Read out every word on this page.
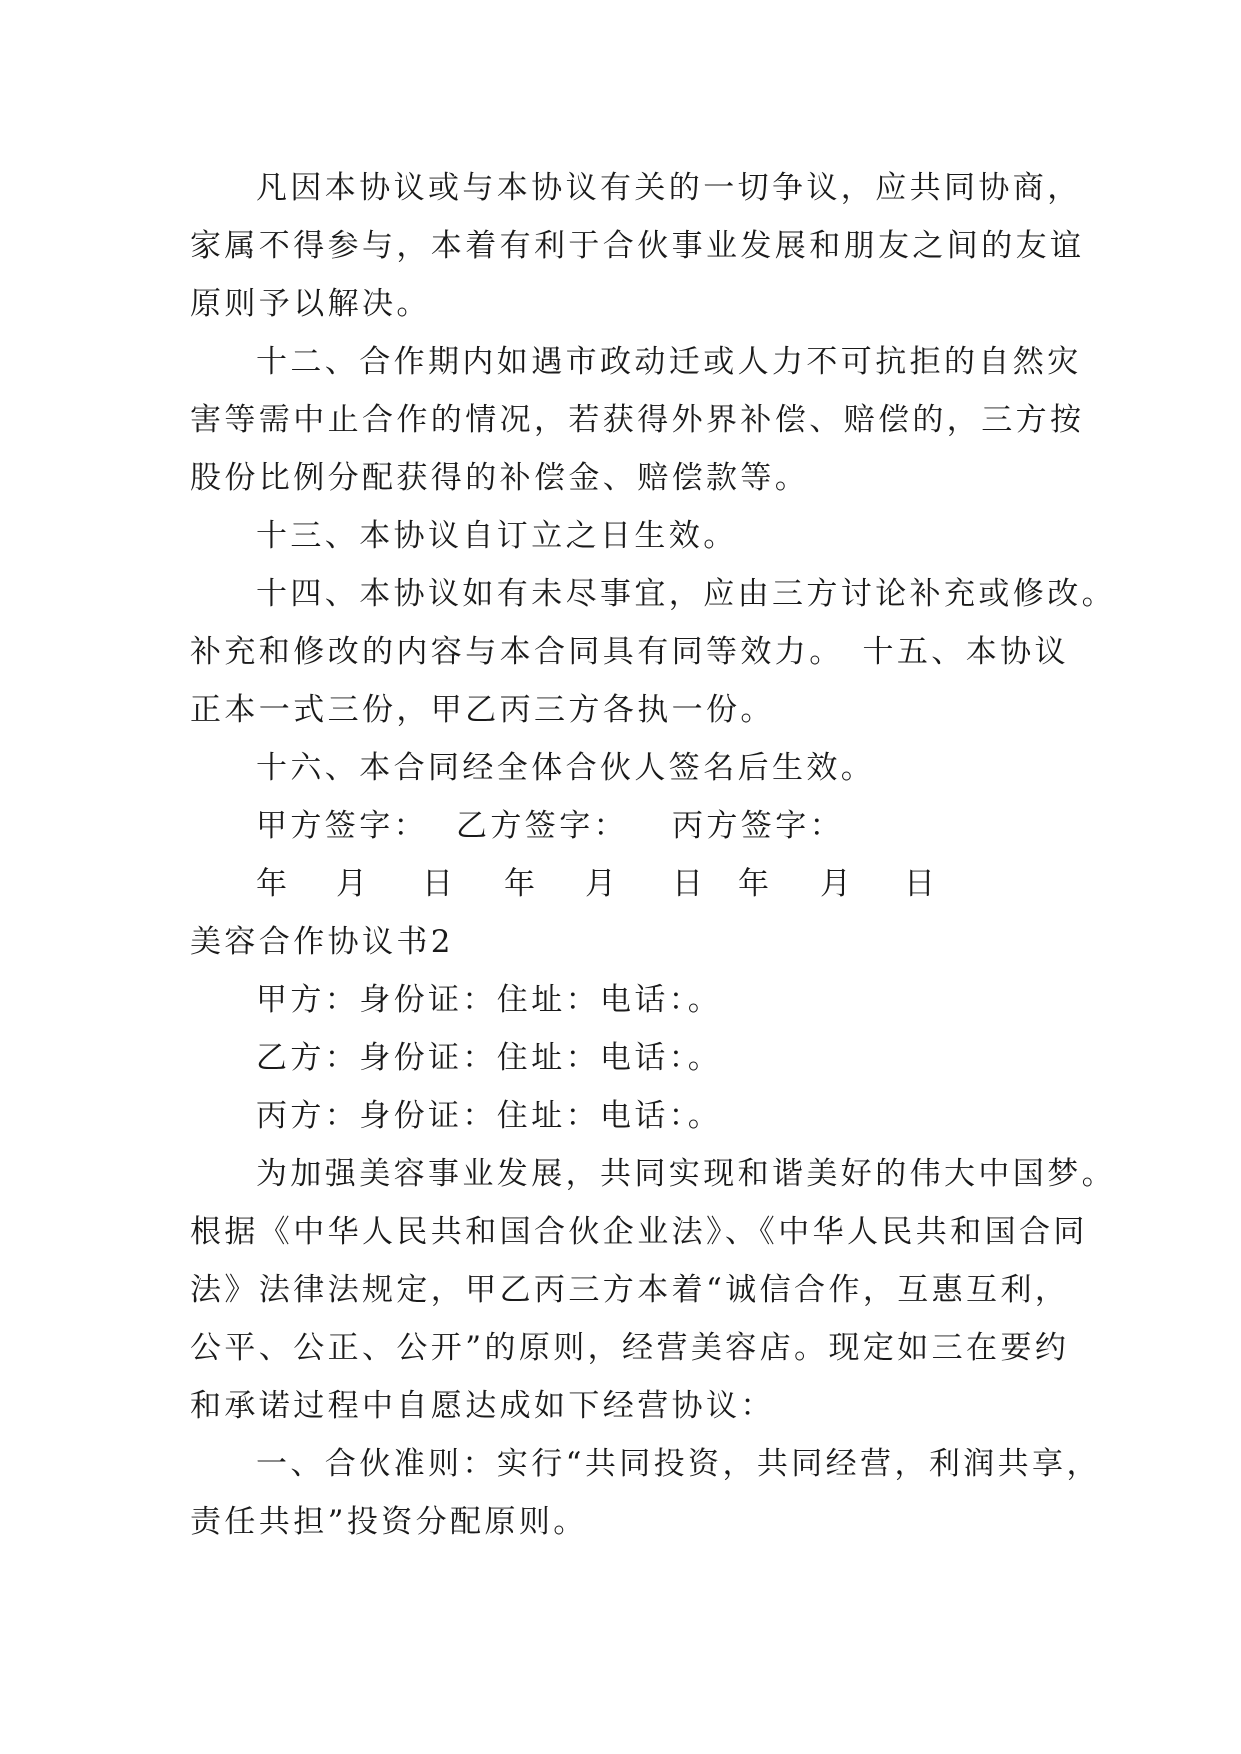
凡因本协议或与本协议有关的一切争议，应共同协商，
家属不得参与，本着有利于合伙事业发展和朋友之间的友谊
原则予以解决。
十二、合作期内如遇市政动迁或人力不可抗拒的自然灾
害等需中止合作的情况，若获得外界补偿、赔偿的，三方按
股份比例分配获得的补偿金、赔偿款等。
十三、本协议自订立之日生效。
十四、本协议如有未尽事宜，应由三方讨论补充或修改。
补充和修改的内容与本合同具有同等效力。　十五、本协议
正本一式三份，甲乙丙三方各执一份。
十六、本合同经全体合伙人签名后生效。
甲方签字： 乙方签字： 丙方签字：
年 月 日 年 月 日 年 月 日
美容合作协议书2
甲方：身份证：住址：电话：。
乙方：身份证：住址：电话：。
丙方：身份证：住址：电话：。
为加强美容事业发展，共同实现和谐美好的伟大中国梦。
根据《中华人民共和国合伙企业法》、《中华人民共和国合同
法》法律法规定，甲乙丙三方本着“诚信合作，互惠互利，
公平、公正、公开”的原则，经营美容店。现定如三在要约
和承诺过程中自愿达成如下经营协议：
一、合伙准则：实行“共同投资，共同经营，利润共享，
责任共担”投资分配原则。
